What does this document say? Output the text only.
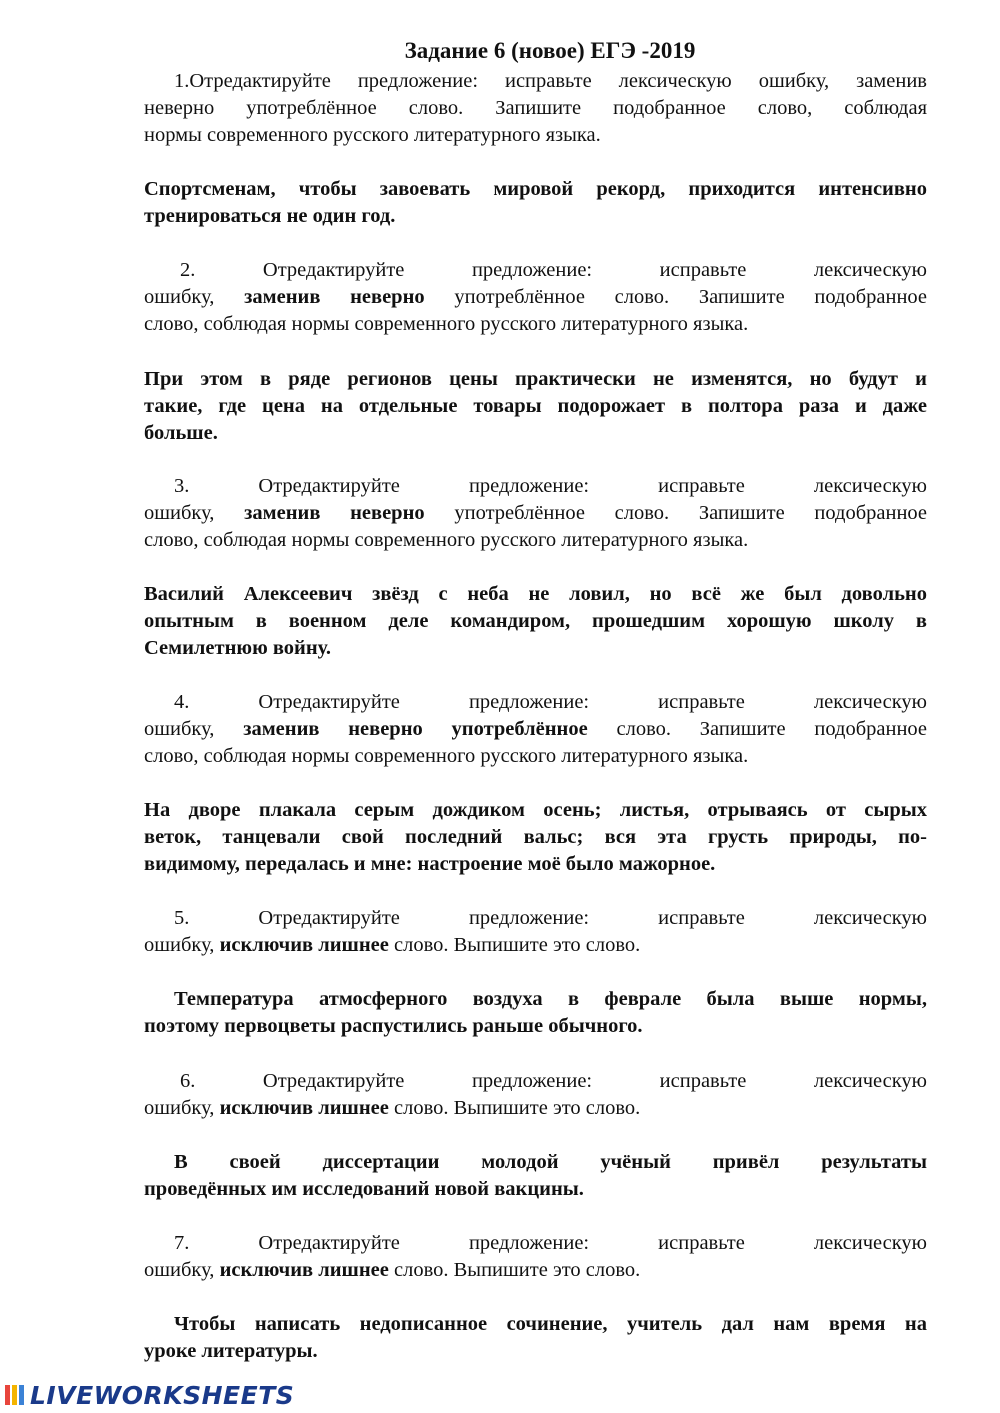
Задание 6 (новое) ЕГЭ -2019
1.Отредактируйте предложение: исправьте лексическую ошибку, заменив
неверно употреблённое слово. Запишите подобранное слово, соблюдая
нормы современного русского литературного языка.
Спортсменам, чтобы завоевать мировой рекорд, приходится интенсивно
тренироваться не один год.
2.	Отредактируйте	предложение:	исправьте	лексическую
ошибку, заменив неверно употреблённое слово. Запишите подобранное
слово, соблюдая нормы современного русского литературного языка.
При этом в ряде регионов цены практически не изменятся, но будут и
такие, где цена на отдельные товары подорожает в полтора раза и даже
больше.
3.	Отредактируйте	предложение:	исправьте	лексическую
ошибку, заменив неверно употреблённое слово. Запишите подобранное
слово, соблюдая нормы современного русского литературного языка.
Василий Алексеевич звёзд с неба не ловил, но всё же был довольно
опытным в военном деле командиром, прошедшим хорошую школу в
Семилетнюю войну.
4.	Отредактируйте	предложение:	исправьте	лексическую
ошибку, заменив неверно употреблённое слово. Запишите подобранное
слово, соблюдая нормы современного русского литературного языка.
На дворе плакала серым дождиком осень; листья, отрываясь от сырых
веток, танцевали свой последний вальс; вся эта грусть природы, по-
видимому, передалась и мне: настроение моё было мажорное.
5.	Отредактируйте	предложение:	исправьте	лексическую
ошибку, исключив лишнее слово. Выпишите это слово.
Температура атмосферного воздуха в феврале была выше нормы,
поэтому первоцветы распустились раньше обычного.
6.	Отредактируйте	предложение:	исправьте	лексическую
ошибку, исключив лишнее слово. Выпишите это слово.
В своей диссертации молодой учёный привёл результаты
проведённых им исследований новой вакцины.
7.	Отредактируйте	предложение:	исправьте	лексическую
ошибку, исключив лишнее слово. Выпишите это слово.
Чтобы написать недописанное сочинение, учитель дал нам время на
уроке литературы.
LIVEWORKSHEETS
